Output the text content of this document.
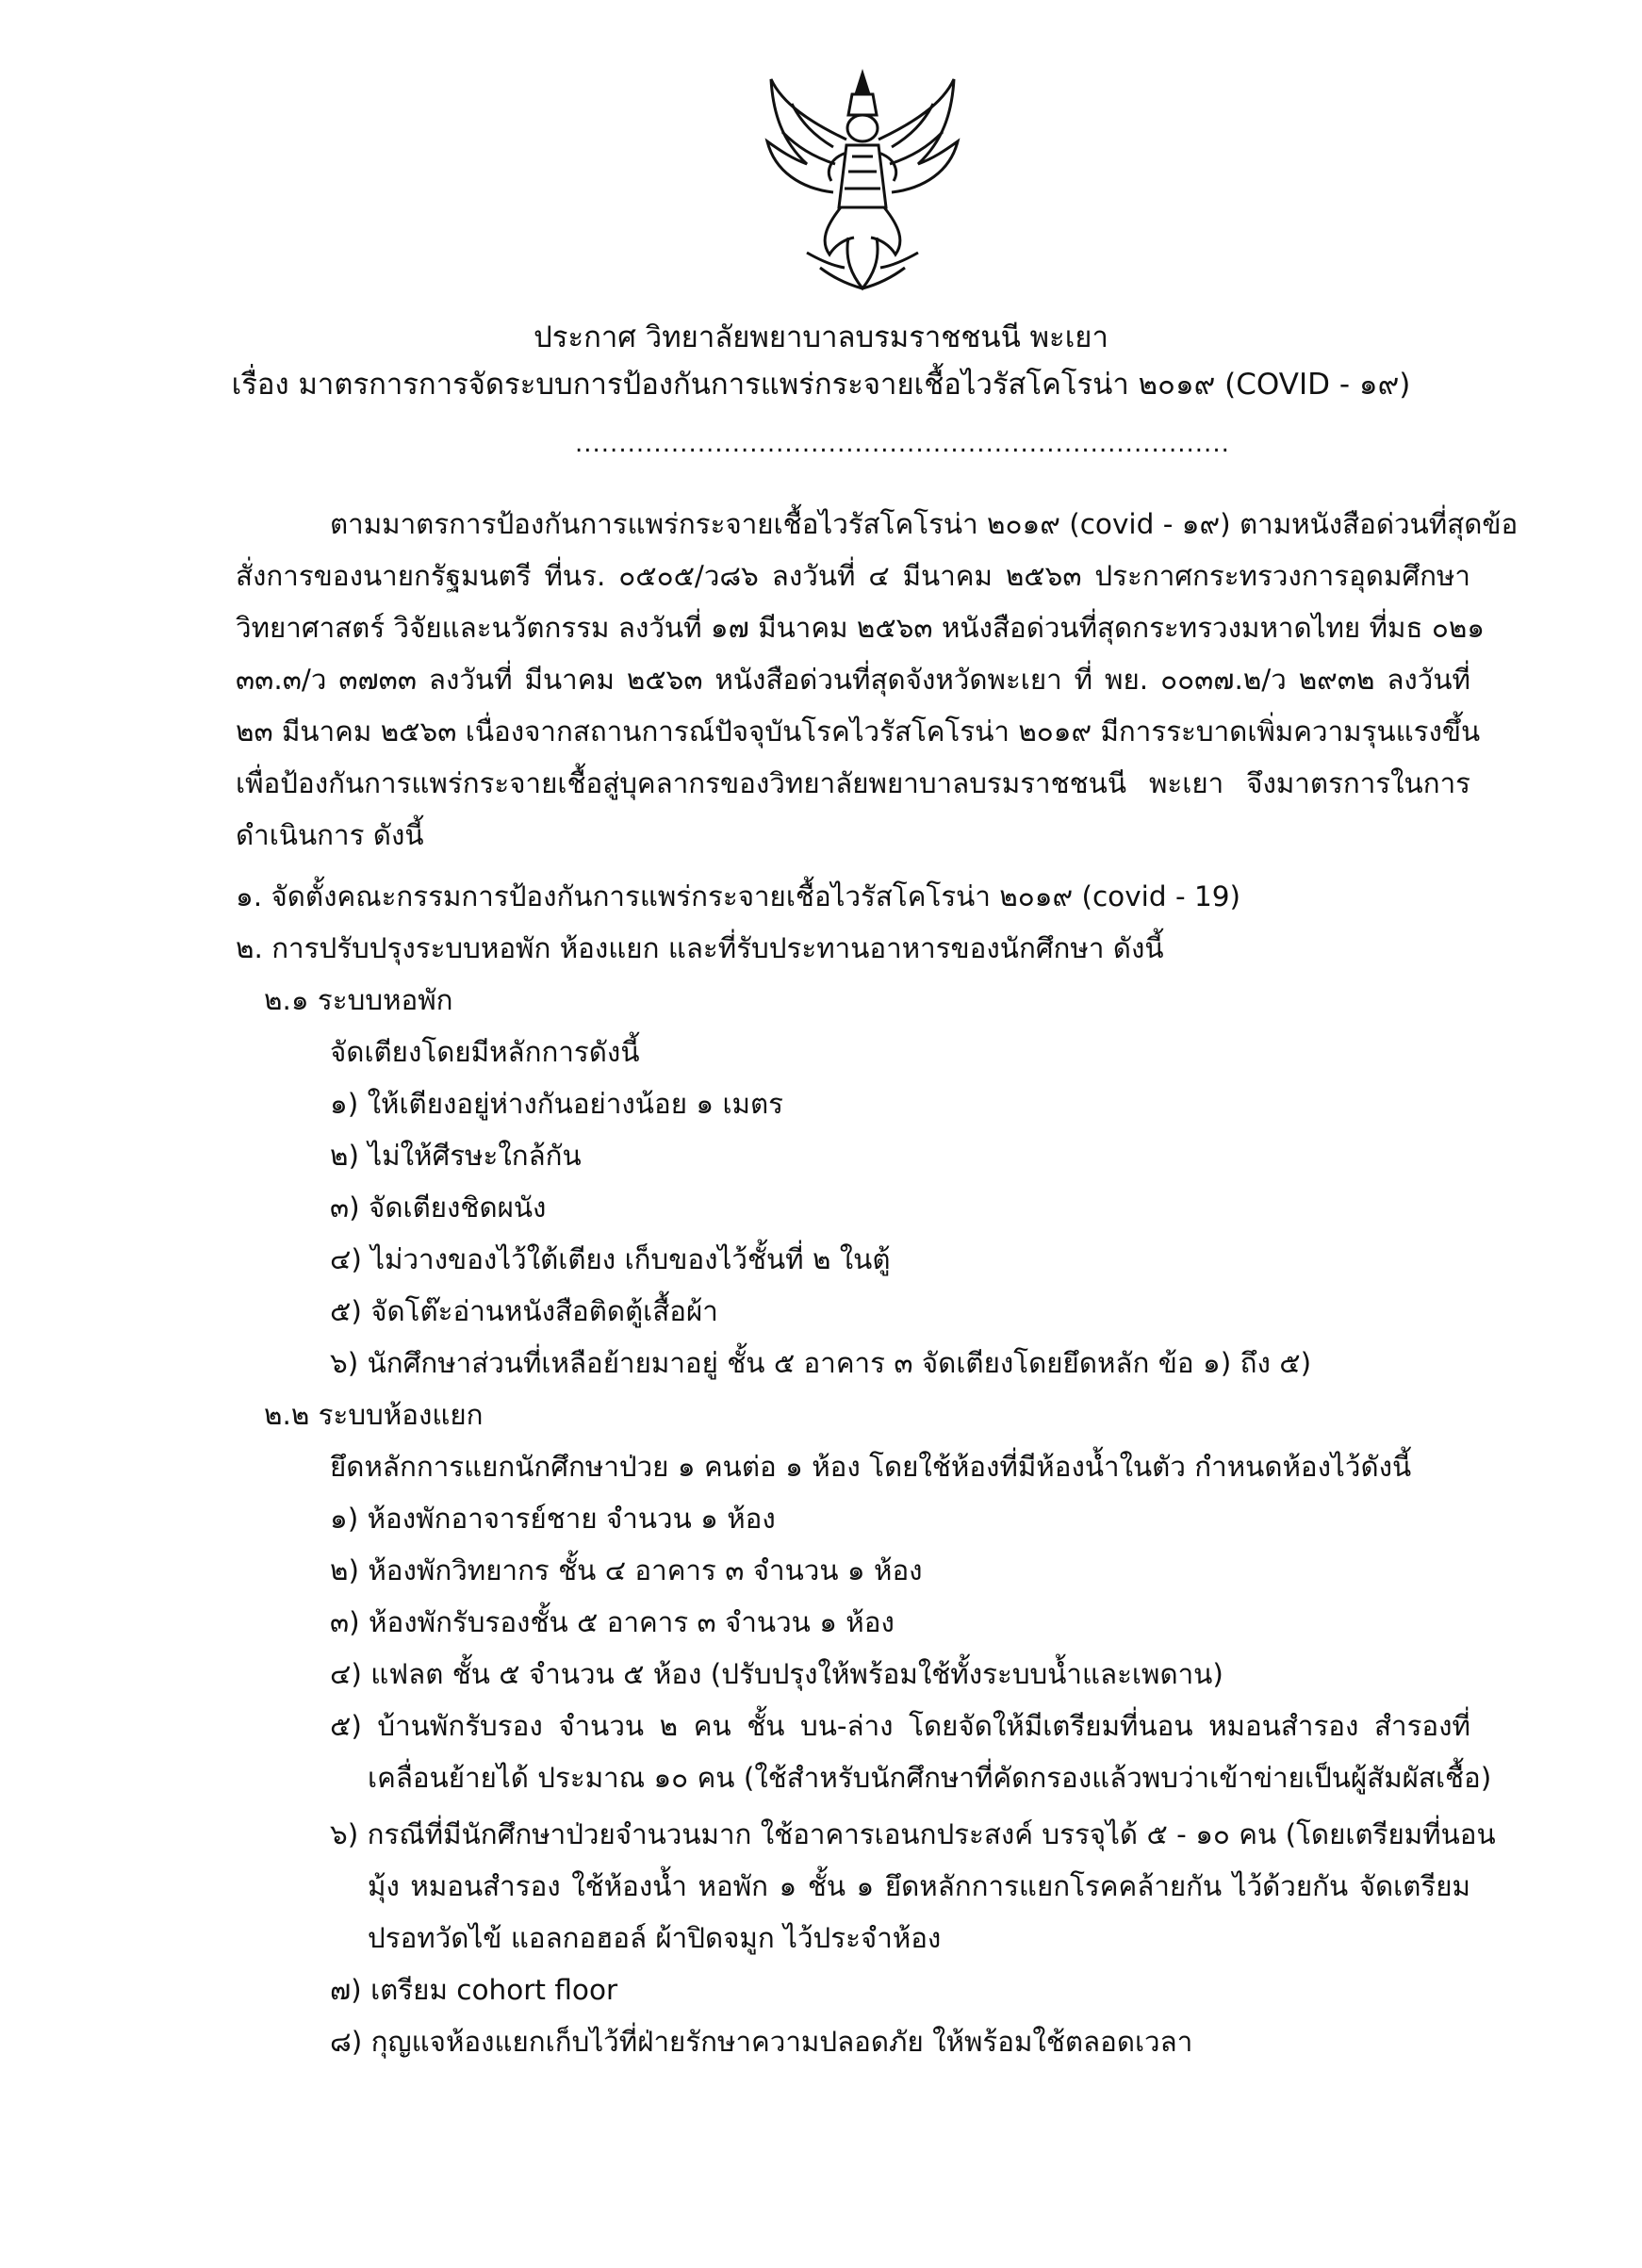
ประกาศ วิทยาลัยพยาบาลบรมราชชนนี พะเยา
เรื่อง มาตรการการจัดระบบการป้องกันการแพร่กระจายเชื้อไวรัสโคโรน่า ๒๐๑๙ (COVID - ๑๙)
...........................................................................
ตามมาตรการป้องกันการแพร่กระจายเชื้อไวรัสโคโรน่า ๒๐๑๙ (covid - ๑๙) ตามหนังสือด่วนที่สุดข้อ
สั่งการของนายกรัฐมนตรี ที่นร. ๐๕๐๕/ว๘๖ ลงวันที่ ๔ มีนาคม ๒๕๖๓ ประกาศกระทรวงการอุดมศึกษา
วิทยาศาสตร์ วิจัยและนวัตกรรม ลงวันที่ ๑๗ มีนาคม ๒๕๖๓ หนังสือด่วนที่สุดกระทรวงมหาดไทย ที่มธ ๐๒๑
๓๓.๓/ว ๓๗๓๓ ลงวันที่ มีนาคม ๒๕๖๓ หนังสือด่วนที่สุดจังหวัดพะเยา ที่ พย. ๐๐๓๗.๒/ว ๒๙๓๒ ลงวันที่
๒๓ มีนาคม ๒๕๖๓ เนื่องจากสถานการณ์ปัจจุบันโรคไวรัสโคโรน่า ๒๐๑๙ มีการระบาดเพิ่มความรุนแรงขึ้น
เพื่อป้องกันการแพร่กระจายเชื้อสู่บุคลากรของวิทยาลัยพยาบาลบรมราชชนนี พะเยา จึงมาตรการในการ
ดำเนินการ ดังนี้
๑. จัดตั้งคณะกรรมการป้องกันการแพร่กระจายเชื้อไวรัสโคโรน่า ๒๐๑๙ (covid - 19)
๒. การปรับปรุงระบบหอพัก ห้องแยก และที่รับประทานอาหารของนักศึกษา ดังนี้
๒.๑ ระบบหอพัก
จัดเตียงโดยมีหลักการดังนี้
๑) ให้เตียงอยู่ห่างกันอย่างน้อย ๑ เมตร
๒) ไม่ให้ศีรษะใกล้กัน
๓) จัดเตียงชิดผนัง
๔) ไม่วางของไว้ใต้เตียง เก็บของไว้ชั้นที่ ๒ ในตู้
๕) จัดโต๊ะอ่านหนังสือติดตู้เสื้อผ้า
๖) นักศึกษาส่วนที่เหลือย้ายมาอยู่ ชั้น ๕ อาคาร ๓ จัดเตียงโดยยึดหลัก ข้อ ๑) ถึง ๕)
๒.๒ ระบบห้องแยก
ยึดหลักการแยกนักศึกษาป่วย ๑ คนต่อ ๑ ห้อง โดยใช้ห้องที่มีห้องน้ำในตัว กำหนดห้องไว้ดังนี้
๑) ห้องพักอาจารย์ชาย จำนวน ๑ ห้อง
๒) ห้องพักวิทยากร ชั้น ๔ อาคาร ๓ จำนวน ๑ ห้อง
๓) ห้องพักรับรองชั้น ๕ อาคาร ๓ จำนวน ๑ ห้อง
๔) แฟลต ชั้น ๕ จำนวน ๕ ห้อง (ปรับปรุงให้พร้อมใช้ทั้งระบบน้ำและเพดาน)
๕) บ้านพักรับรอง จำนวน ๒ คน ชั้น บน-ล่าง โดยจัดให้มีเตรียมที่นอน หมอนสำรอง สำรองที่
เคลื่อนย้ายได้ ประมาณ ๑๐ คน (ใช้สำหรับนักศึกษาที่คัดกรองแล้วพบว่าเข้าข่ายเป็นผู้สัมผัสเชื้อ)
๖) กรณีที่มีนักศึกษาป่วยจำนวนมาก ใช้อาคารเอนกประสงค์ บรรจุได้ ๕ - ๑๐ คน (โดยเตรียมที่นอน
มุ้ง หมอนสำรอง ใช้ห้องน้ำ หอพัก ๑ ชั้น ๑ ยึดหลักการแยกโรคคล้ายกัน ไว้ด้วยกัน จัดเตรียม
ปรอทวัดไข้ แอลกอฮอล์ ผ้าปิดจมูก ไว้ประจำห้อง
๗) เตรียม cohort floor
๘) กุญแจห้องแยกเก็บไว้ที่ฝ่ายรักษาความปลอดภัย ให้พร้อมใช้ตลอดเวลา
